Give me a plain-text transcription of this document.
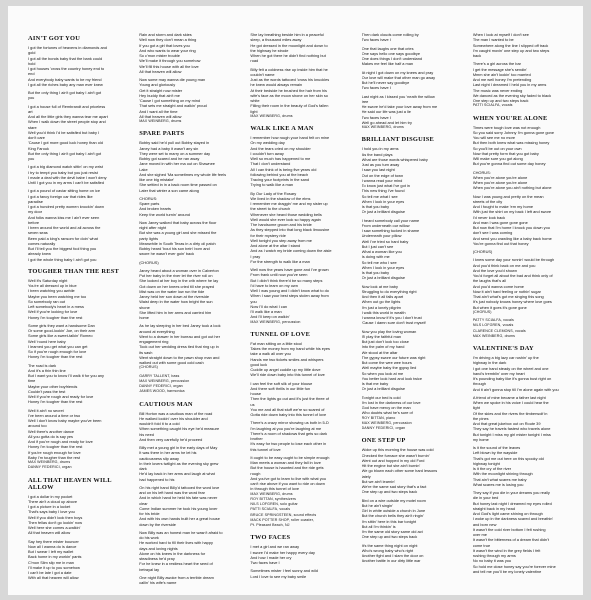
AIN'T GOT YOU
I got the fortunes of heavens in diamonds and
gold
I got all the bonds baby that the bank could
hold
I got houses 'cross the country honey end to
end
And everybody baby wants to be my friend
I got all the riches baby any man ever knew
But the only thing I ain't got baby I ain't got
you
I got a house full of Rembrandt and priceless
art
And all the little girls they wanna tear me apart
When I walk down the street people stop and
stare
Well you'd think I'd be satisfied but baby I
don't care
'Cause I got more good luck honey than old
King Farouk
But the only thing I ain't got baby I ain't got
you
I got a big diamond watch sittin' on my wrist
I try to tempt you baby but you just resist
I made a deal with the devil babe I won't deny
Until I got you in my arms I can't be satisfied
I got a pound of caviar sitting home on ice
I got a fancy foreign car that rides like
paradise
I got a hundred pretty women knockin' down
my door
And folks wanna kiss me I ain't ever seen
before
I been around the world and all across the
seven seas
Been paid a king's ransom for doin' what
comes naturally
But I'll tell you the biggest fool thing you
already knew
I got the whole thing baby I ain't got you
TOUGHER THAN THE REST
Well it's Saturday night
You're all dressed up in blue
I been watching you awhile
Maybe you been watching me too
So somebody ran out
Left somebody's heart in a mess
Well if you're looking for love
Honey I'm tougher than the rest
Some girls they want a handsome Dan
Or some good-lookin' Joe, on their arm
Some girls like a sweet-talkin' Romeo
Well 'round here baby
I learned you get what you can get
So if you're rough enough for love
Honey I'm tougher than the rest
The road is dark
And it's a thin thin line
But I want you to know I'll walk it for you any
time
Maybe your other boyfriends
Couldn't pass the test
Well if you're rough and ready for love
Honey I'm tougher than the rest
Well it ain't no secret
I've been around a time or two
Well I don't know baby maybe you've been
around too
Well there's another dance
All you gotta do is say yes
And if you're rough and ready for love
Honey I'm tougher than the rest
If you're rough enough for love
Baby I'm tougher than the rest
MAX WEINBERG, drums
DANNY FEDERICI, organ
ALL THAT HEAVEN WILL ALLOW
I got a dollar in my pocket
There ain't a cloud up above
I got a picture in a locket
That's says baby I love you
Well if you didn't look then boys
Then fellas don't go lookin' now
Well here she comes a-walkin'
All that heaven will allow
Say hey there mister bouncer
Now all I wanna do is dance
But I swear I left my wallet
Back home in my workin' pants
C'mon Slim slip me in man
I'll make it up to you somehow
I can't be late I got a date
With all that heaven will allow
Rain and storm and dark skies
Well now they don't mean a thing
If you got a girl that loves you
And who wants to wear your ring
So c'mon mister trouble
We'll make it through you somehow
We'll fill this house with all the love
All that heaven will allow
Now some may wanna die young man
Young and gloriously
Get it straight now mister
Hey buddy that ain't me
'Cause I got something on my mind
That sets me straight and walkin' proud
And I want all the time
All that heaven will allow
MAX WEINBERG, drums
SPARE PARTS
Bobby said he'd pull out Bobby stayed in
Janey had a baby it wasn't any sin
They were set to marry on a summer day
Bobby got scared and he ran away
Jane moved in with her ma out on Shawnee
Lake
And she sighed 'Ma sometimes my whole life feels
like one big mistake'
She settled in in a back room time passed on
Later that winter a son came along
CHORUS:
Spare parts
And broken hearts
Keep the world turnin' around
Now Janey walked that baby across the floor
night after night
But she was a young girl and she missed the
party lights
Meanwhile in South Texas in a dirty oil patch
Bobby heard 'bout his son bein' born and
swore he wasn't ever goin' back
(CHORUS)
Janey heard about a woman over in Calverton
Put her baby in the river let the river roll on
She looked at her boy in the crib where he lay
Got down on her knees cried till she prayed
Mist was on the water low run the tide
Janey held her son down at the riverside
Waist deep in the water how bright the sun
shone
She lifted him in her arms and carried him
home
As he lay sleeping in her bed Janey took a look
around at everything
Went to a drawer in her bureau and got out her
engagement ring
Took out her wedding dress tied that ring up in
its sash
Went straight down to the pawn shop man and
walked out with some good cold cash
(CHORUS)
GARRY TALLENT, bass
MAX WEINBERG, percussion
DANNY FEDERICI, organ
JAMES WOOD, harmonica
CAUTIOUS MAN
Bill Horton was a cautious man of the road
He walked lookin' over his shoulder and
wouldn't fold it to a cold
When something caught his eye he'd measure
his need
And then very carefully he'd proceed
Billy met a young girl in the early days of May
It was there in her arms he let his
cautiousness slip away
In their lovers twilight as the evening sky grew
dark
He'd lay back in her arms and laugh at what
had happened to his
On his right hand Billy'd tattooed the word love
and on his left hand was the word fear
And in which hand he held his fate was never
clear
Come Indian summer he took his young lover
for his bride
And with his own hands built her a great house
down by the riverside
Now Billy was an honest man he wasn't afraid to
do his work
He worked hard to fill their lives with happy
days and loving nights
Alone on his knees in the darkness for
steadiness he'd pray
For he knew in a restless heart the seed of
betrayal lay
One night Billy awoke from a terrible dream
callin' his wife's name
She lay breathing beside him in a peaceful
sleep, a thousand miles away
He got dressed in the moonlight and down to
the highway he strode
When he got there he didn't find nothing but
road
Billy felt a coldness rise up inside him that he
couldn't name
Just as the words tattooed 'cross his knuckles
he knew would always remain
At their bedside he brushed the hair from his
wife's face as the moon shone on her skin so
white
Filling their room in the beauty of God's fallen
light
MAX WEINBERG, drums
WALK LIKE A MAN
I remember how rough your hand felt on mine
On my wedding day
And the tears cried on my shoulder
I couldn't turn away
Well so much has happened to me
That I don't understand
All I can think of is being five years old
following behind you at the beach
Tracing your footprints in the sand
Trying to walk like a man
By Our Lady of the Rosary
We lived in the shadow of the elms
I remember me draggin' me and my sister up
the street to the church
Whenever she heard those wedding bells
Well would she ever look so happy again
The handsome groom and his bride
As they stepped into that long black limousine
for their mystery ride
Well tonight you step away from me
And alone at the altar I stand
And as I watch my bride coming down the aisle
I pray
For the strength to walk like a man
Well now the years have gone and I've grown
From frank until now you've seen
But I didn't think there'd be so many steps
I'd have to learn on my own
Well I was young and I didn't know what to do
When I saw your best steps stolen away from
you
Now I'll do what I can
I'll walk like a man
And I'll keep on walkin'
MAX WEINBERG, percussion
TUNNEL OF LOVE
Fat man sitting on a little stool
Takes the money from my hand while his eyes
take a walk all over you
Hands me two tickets smiles and whispers
good luck
Cuddle up angel cuddle up my little dove
We'll ride down baby into this tunnel of love
I can feel the soft silk of your blouse
And there soft thrills in our little fun
house
Then the lights go out and it's just the three of
us
You me and all that stuff we're so scared of
Gotta ride down baby into this tunnel of love
There's a crazy mirror showing us both in 5-D
I'm laughing at you you're laughing at me
There's a room of shadows that gets so dark
brother
It's easy for two people to lose each other in
this tunnel of love
It ought to be easy ought to be simple enough
Man meets a woman and they fall in love
But the house is haunted and the ride gets
rough
And you've got to learn to live with what you
can't rise above if you want to ride on down
in through this tunnel of love
MAX WEINBERG, drums
ROY BITTAN, synthesizers
NILS LOFGREN, solo guitar
PATTI SCIALFA, vocals
BRUCE SPRINGSTEEN, sound effects
MACK POTTER SHOP, roller coaster,
Pt. Pleasant Beach, NJ
TWO FACES
I met a girl and we ran away
I swore I'd make her happy every day
And how I made her cry
Two faces have I
Sometimes mister I feel sunny and wild
Lord I love to see my baby smile
Then dark clouds come rolling by
Two faces have I
One that laughs one that cries
One says hello one says goodbye
One does things I don't understand
Makes me feel like half a man
At night I got down on my knees and pray
Our love will make that other man go away
But he'll never say goodbye
Two faces have I
Last night as I kissed you 'neath the willow
tree
He swore he'd take your love away from me
He said our life was just a lie
Two faces have I
Well go ahead and let him try
MAX WEINBERG, drums
BRILLIANT DISGUISE
I hold you in my arms
As the band plays
What are those words whispered baby
Just as you turn away
I saw you last night
Out on the edge of town
I wanna read your mind
To know just what I've got in
This new thing I've found
So tell me what I see
When I look in your eyes
Is that you baby
Or just a brilliant disguise
I heard somebody call your name
From underneath our willow
I saw something tucked in shame
Underneath your pillow
Well I've tried so hard baby
But I just can't see
What a woman like you
Is doing with me
So tell me who I see
When I look in your eyes
Is that you baby
Or just a brilliant disguise
Now look at me baby
Struggling to do everything right
And then it all falls apart
When out go the lights
I'm just a lonely pilgrim
I walk this world in wealth
I wanna know if it's you I don't trust
'Cause I damn sure don't trust myself
Now you play the loving woman
I'll play the faithful man
But just don't look too close
Into the palm of my hand
We stood at the altar
The gypsy swore our future was right
But come the wee wee hours
Well maybe baby the gypsy lied
So when you look at me
You better look hard and look twice
Is that me baby
Or just a brilliant disguise
Tonight our bed is cold
I'm lost in the darkness of our love
God have mercy on the man
Who doubts what he's sure of
ROY BITTAN, piano
MAX WEINBERG, percussion
DANNY FEDERICI, organ
ONE STEP UP
Woke up this morning the house was cold
Checked the furnace she wasn't burnin'
Went out and hopped in my old Ford
Hit the engine but she ain't burnin'
We go blown each other some hard lessons
lately
But we ain't learnin'
We're the same sad story that's a fact
One step up and two steps back
Bird on a wire outside my motel room
But he ain't singin'
Girl in white outside a church in June
But the church bells they ain't ringin'
I'm sittin' here in this bar tonight
But all I'm thinkin' is
I'm the same old story same old act
One step up and two steps back
It's the same thing night on night
Who's wrong baby who's right
Another fight and I slam the door on
Another battle in our dirty little war
When I look at myself I don't see
The man I wanted to be
Somewhere along the line I slipped off track
I'm caught movin' one step up and two steps
back
There's a girl across the bar
I get the message she's sendin'
Mmm she ain't lookin' too married
And me well honey I'm pretending
Last night I dreamed I held you in my arms
The music was never ending
We danced as the evening sky faded to black
One step up and two steps back
PATTI SCIALFA, vocals
WHEN YOU'RE ALONE
Times were tough love was not enough
So you said sorry Johnny I'm gonna gone gone
You will see me no more
But then both knew what was missing honey
So you'll be out on your own
Now that pretty form that you got baby
Will make sure you got along
But you're gonna find out some day honey
CHORUS:
When you're alone you're alone
When you're alone you're alone
When you're alone you ain't nothing but alone
Now I was young and pretty on the mean
streets of the city
And I fought to make 'em my home
With just the shirt on my back I left and swore
I'd never look back
And man I was gone gone gone
But now that I'm home I knock you down you
don't see I was coming
And send you crawling like a baby back home
You're gonna find out that honey
(CHORUS)
I knew some day your runnin' would be through
And you'd think back on me and you
And the love you'd shown
You'd forget all about the bad and think only of
the laughs that's all
And you'd wanna come home
Now it ain't hard feeling or nothin' sugar
That ain't what's got me singing this song
It's just nobody knows honey where love goes
But when it goes it's gone gone
(CHORUS)
PATTY SCIALFA, vocals
NILS LOFGREN, vocals
CLARENCE CLEMONS, vocals
MAX WEINBERG, drums
VALENTINE'S DAY
I'm driving a big lazy car rushin' up the
highway in the dark
I got one hand steady on the wheel and one
hand's tremblin' over my heart
It's pounding baby like it's gonna bust right on
through
And it ain't gonna stop till I'm alone again with you
A friend of mine became a father last night
When we spoke in his voice I could hear the
light
Of the skies and the rivers the timberwolf in
the pines
And that great jukebox out on Route 39
They say he travels fastest who travels alone
But tonight I miss my girl mister tonight I miss
my home
Is it the sound of the leaves
Left blown by the wayside
That's got me out here on this spooky old
highway tonight
Is it the cry of the river
With the moonlight shining through
That ain't what scares me baby
What scares me is losing you
They say if you die in your dreams you really
die in your bed
But honey last night I dreamed my eyes rolled
straight back in my head
And God's light came shining on through
I woke up in the darkness scared and breathin'
and born new
It wasn't the cold river bottom I felt rushing
over me
It wasn't the bitterness of a dream that didn't
come true
It wasn't the wind in the grey fields I felt
rushing through my arms
No no baby it was you
So hold me close honey say you're forever mine
and tell me you'll be my lonely valentine
